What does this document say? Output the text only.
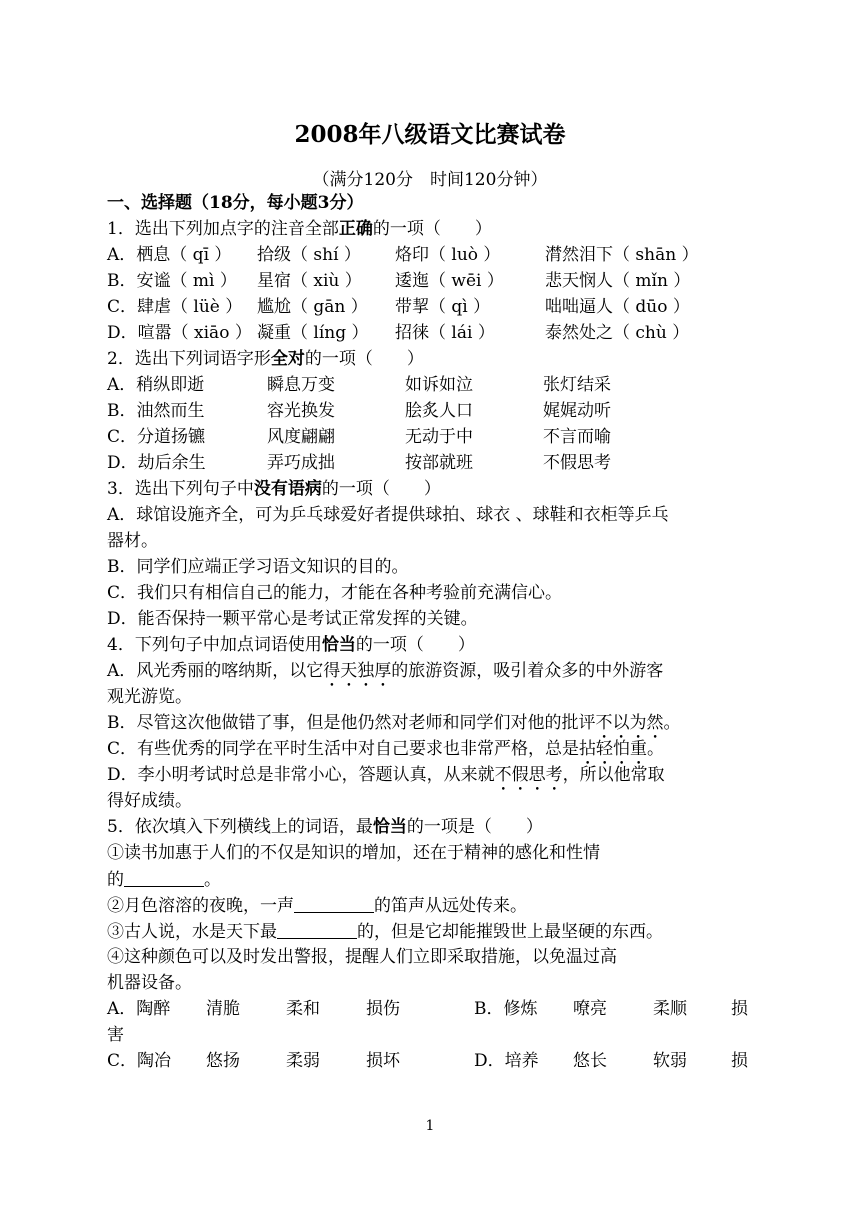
2008年八级语文比赛试卷
（满分120分　时间120分钟）
一、选择题（18分，每小题3分）
1．选出下列加点字的注音全部正确的一项（　　）
A．栖息（ qī ）	拾级（ shí ）	烙印（ luò ）	潸然泪下（ shān ）
B．安谧（ mì ）	星宿（ xiù ）	逶迤（ wēi ）	悲天悯人（ mǐn ）
C．肆虐（ lüè ） 尴尬（ gān ）	带挈（ qì ）	咄咄逼人（ dūo ）
D．喧嚣（ xiāo ） 凝重（ líng ）	招徕（ lái ）	泰然处之（ chù ）
2．选出下列词语字形全对的一项（　　）
A．稍纵即逝	瞬息万变	如诉如泣	张灯结采
B．油然而生	容光换发	脍炙人口	娓娓动听
C．分道扬镳	风度翩翩	无动于中	不言而喻
D．劫后余生	弄巧成拙	按部就班	不假思考
3．选出下列句子中没有语病的一项（　　）
A．球馆设施齐全，可为乒乓球爱好者提供球拍、球衣 、球鞋和衣柜等乒乓
器材。
B．同学们应端正学习语文知识的目的。
C．我们只有相信自己的能力，才能在各种考验前充满信心。
D．能否保持一颗平常心是考试正常发挥的关键。
4．下列句子中加点词语使用恰当的一项（　　）
A．风光秀丽的喀纳斯，以它得天独厚的旅游资源，吸引着众多的中外游客
观光游览。
B．尽管这次他做错了事，但是他仍然对老师和同学们对他的批评不以为然。
C．有些优秀的同学在平时生活中对自己要求也非常严格，总是拈轻怕重。
D．李小明考试时总是非常小心，答题认真，从来就不假思考，所以他常取
得好成绩。
5．依次填入下列横线上的词语，最恰当的一项是（　　）
①读书加惠于人们的不仅是知识的增加，还在于精神的感化和性情
的	。
②月色溶溶的夜晚，一声	的笛声从远处传来。
③古人说，水是天下最	的，但是它却能摧毁世上最坚硬的东西。
④这种颜色可以及时发出警报，提醒人们立即采取措施，以免温过高
机器设备。
A．陶醉	清脆	柔和	损伤	B．修炼	嘹亮	柔顺	损
害
C．陶冶	悠扬	柔弱	损坏	D．培养	悠长	软弱	损
1
